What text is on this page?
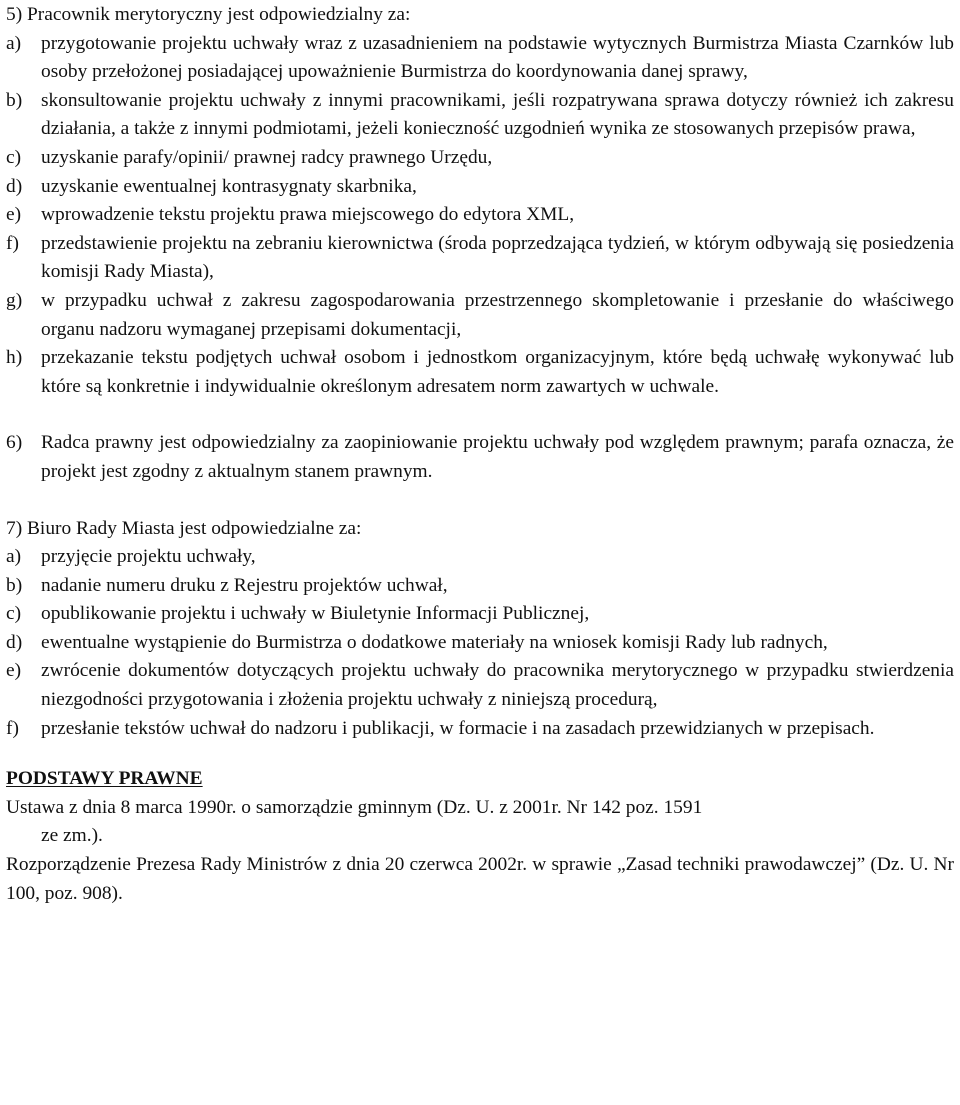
5) Pracownik merytoryczny jest odpowiedzialny za:
a)	przygotowanie projektu uchwały wraz z uzasadnieniem na podstawie wytycznych Burmistrza Miasta Czarnków lub osoby przełożonej posiadającej upoważnienie Burmistrza do koordynowania danej sprawy,
b) skonsultowanie projektu uchwały z innymi pracownikami, jeśli rozpatrywana sprawa dotyczy również ich zakresu działania, a także z innymi podmiotami, jeżeli konieczność uzgodnień wynika ze stosowanych przepisów prawa,
c)	uzyskanie parafy/opinii/ prawnej radcy prawnego Urzędu,
d) uzyskanie ewentualnej kontrasygnaty skarbnika,
e)	wprowadzenie tekstu projektu prawa miejscowego do edytora XML,
f)	przedstawienie projektu na zebraniu kierownictwa (środa poprzedzająca tydzień, w którym odbywają się posiedzenia komisji Rady Miasta),
g) w przypadku uchwał z zakresu zagospodarowania przestrzennego skompletowanie i przesłanie do właściwego organu nadzoru wymaganej przepisami dokumentacji,
h) przekazanie tekstu podjętych uchwał osobom i jednostkom organizacyjnym, które będą uchwałę wykonywać lub które są konkretnie i indywidualnie określonym adresatem norm zawartych w uchwale.
6) Radca prawny jest odpowiedzialny za zaopiniowanie projektu uchwały pod względem prawnym; parafa oznacza, że projekt jest zgodny z aktualnym stanem prawnym.
7) Biuro Rady Miasta jest odpowiedzialne za:
a)	przyjęcie projektu uchwały,
b) nadanie numeru druku z Rejestru projektów uchwał,
c)	opublikowanie projektu i uchwały w Biuletynie Informacji Publicznej,
d) ewentualne wystąpienie do Burmistrza o dodatkowe materiały na wniosek komisji Rady lub radnych,
e)	zwrócenie dokumentów dotyczących projektu uchwały do pracownika merytorycznego w przypadku stwierdzenia niezgodności przygotowania i złożenia projektu uchwały z niniejszą procedurą,
f)	przesłanie tekstów uchwał do nadzoru i publikacji, w formacie i na zasadach przewidzianych w przepisach.
PODSTAWY PRAWNE
Ustawa z dnia 8 marca 1990r. o samorządzie gminnym (Dz. U. z 2001r. Nr 142 poz. 1591
ze zm.).
Rozporządzenie Prezesa Rady Ministrów z dnia 20 czerwca 2002r. w sprawie „Zasad techniki prawodawczej” (Dz. U. Nr 100, poz. 908).
